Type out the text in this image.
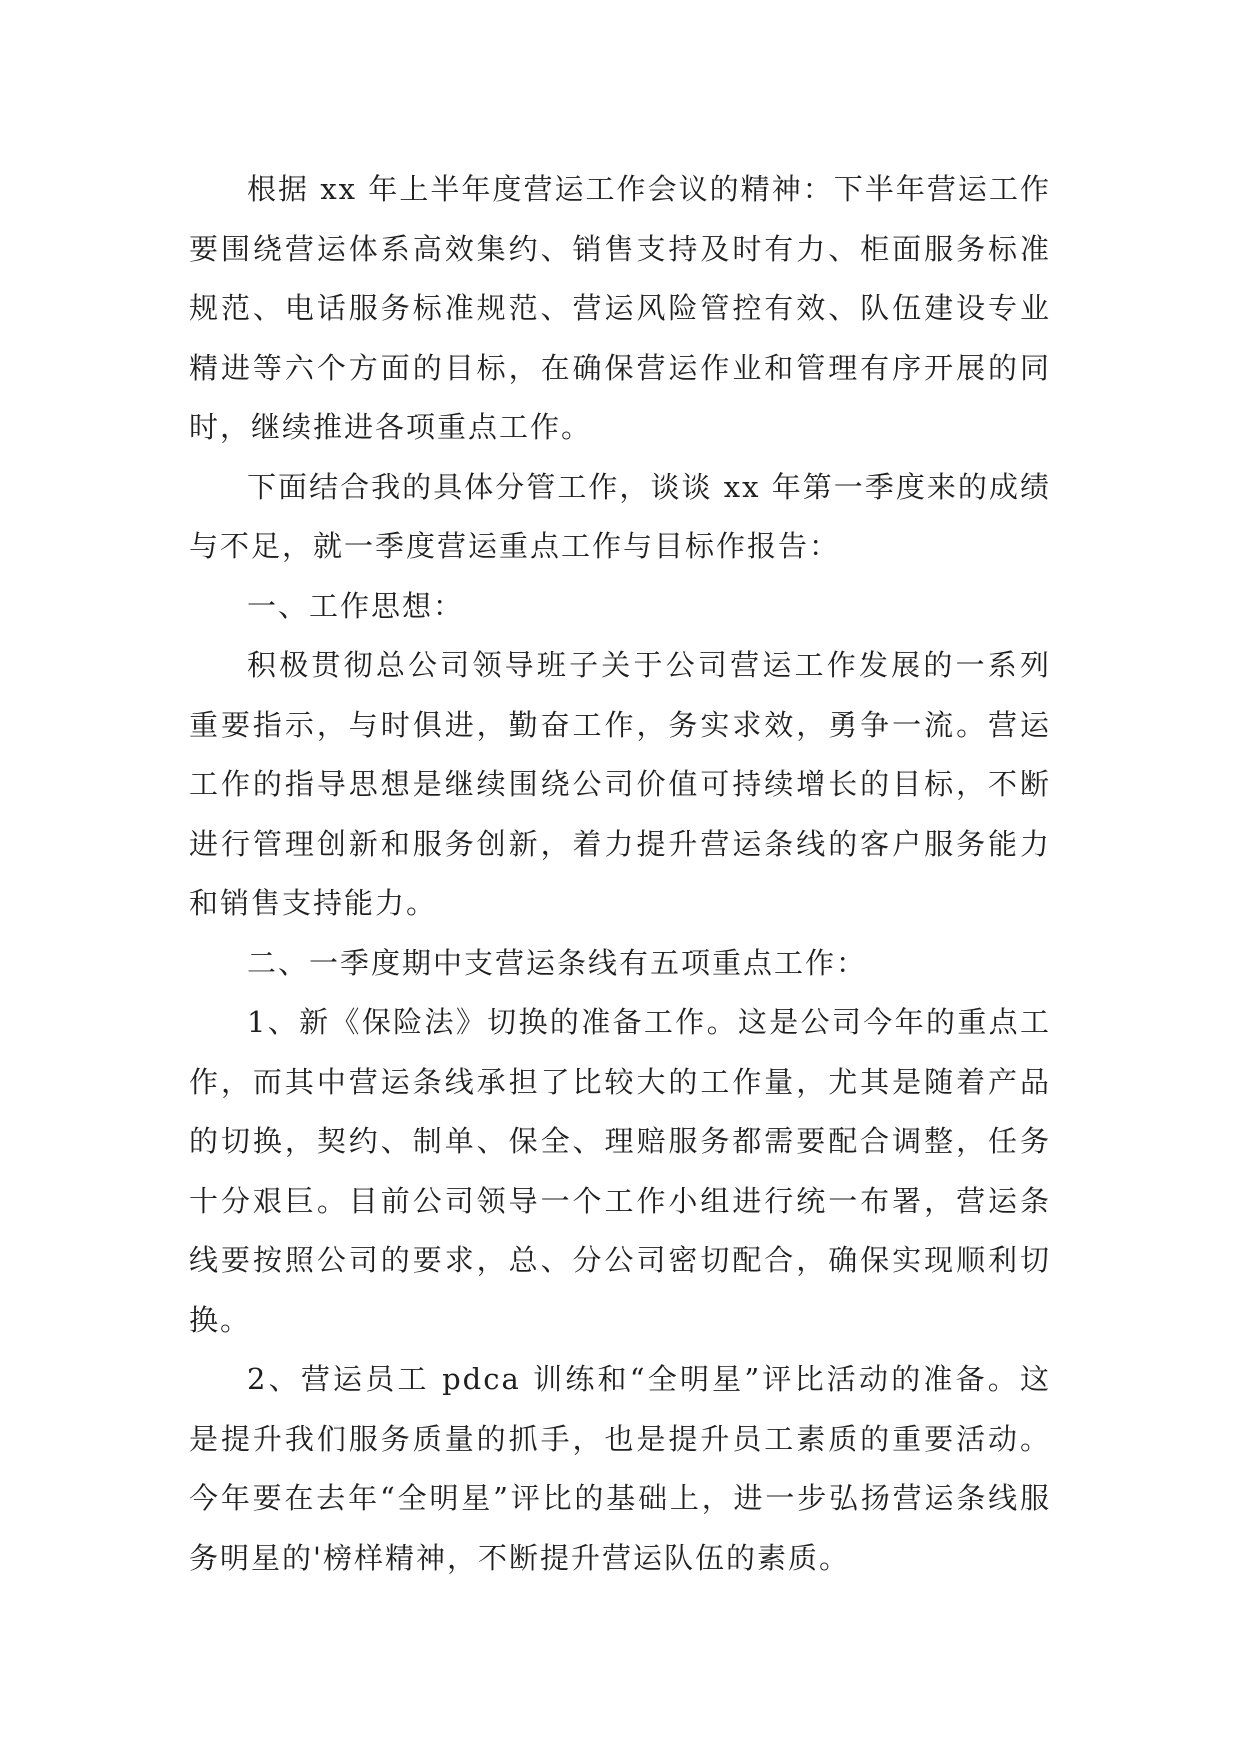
根据 xx 年上半年度营运工作会议的精神：下半年营运工作要围绕营运体系高效集约、销售支持及时有力、柜面服务标准规范、电话服务标准规范、营运风险管控有效、队伍建设专业精进等六个方面的目标，在确保营运作业和管理有序开展的同时，继续推进各项重点工作。

下面结合我的具体分管工作，谈谈 xx 年第一季度来的成绩与不足，就一季度营运重点工作与目标作报告：

一、工作思想：

积极贯彻总公司领导班子关于公司营运工作发展的一系列重要指示，与时俱进，勤奋工作，务实求效，勇争一流。营运工作的指导思想是继续围绕公司价值可持续增长的目标，不断进行管理创新和服务创新，着力提升营运条线的客户服务能力和销售支持能力。

二、一季度期中支营运条线有五项重点工作：

1、新《保险法》切换的准备工作。这是公司今年的重点工作，而其中营运条线承担了比较大的工作量，尤其是随着产品的切换，契约、制单、保全、理赔服务都需要配合调整，任务十分艰巨。目前公司领导一个工作小组进行统一布署，营运条线要按照公司的要求，总、分公司密切配合，确保实现顺利切换。

2、营运员工 pdca 训练和“全明星”评比活动的准备。这是提升我们服务质量的抓手，也是提升员工素质的重要活动。今年要在去年“全明星”评比的基础上，进一步弘扬营运条线服务明星的'榜样精神，不断提升营运队伍的素质。
